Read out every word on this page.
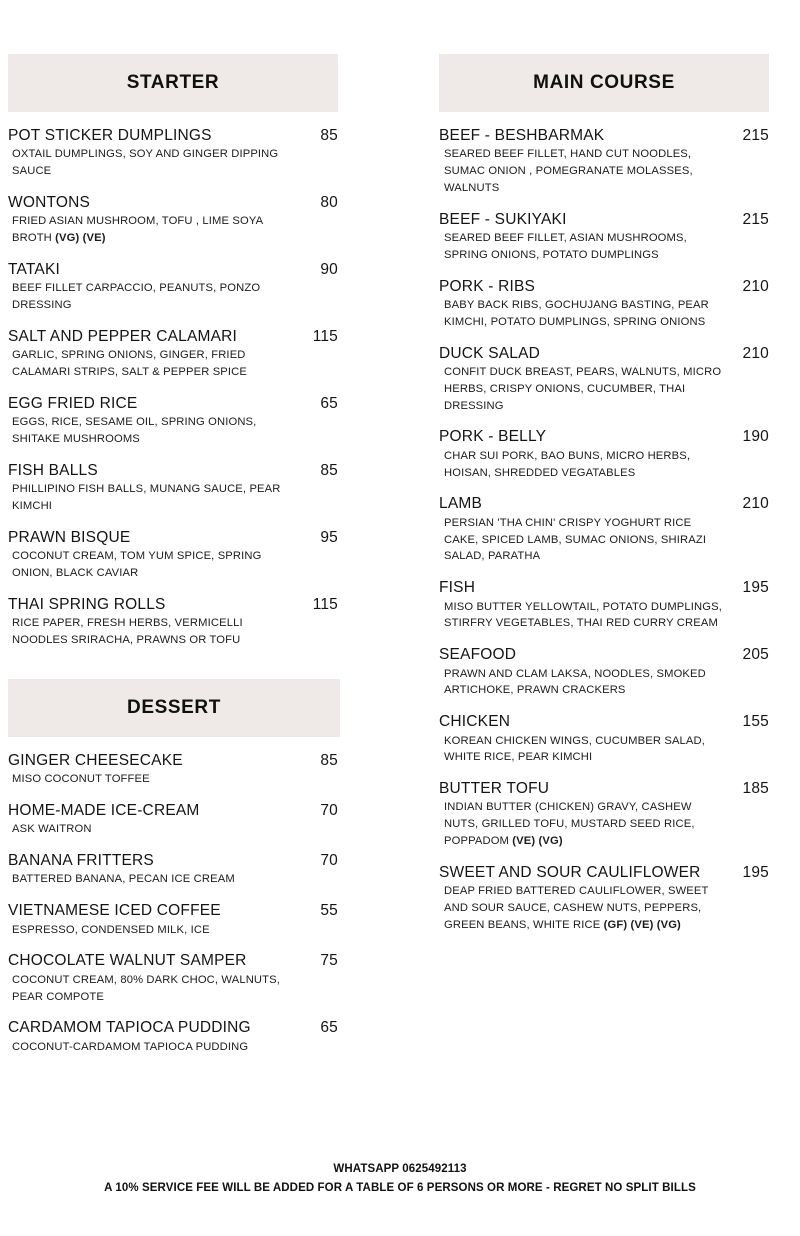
STARTER
POT STICKER DUMPLINGS
OXTAIL DUMPLINGS, SOY AND GINGER DIPPING SAUCE
85
WONTONS
FRIED ASIAN MUSHROOM, TOFU , LIME SOYA BROTH (VG) (VE)
80
TATAKI
BEEF FILLET CARPACCIO, PEANUTS, PONZO DRESSING
90
SALT AND PEPPER CALAMARI
GARLIC, SPRING ONIONS, GINGER, FRIED CALAMARI STRIPS, SALT & PEPPER SPICE
115
EGG FRIED RICE
EGGS, RICE, SESAME OIL, SPRING ONIONS, SHITAKE MUSHROOMS
65
FISH BALLS
PHILLIPINO FISH BALLS, MUNANG SAUCE, PEAR KIMCHI
85
PRAWN BISQUE
COCONUT CREAM, TOM YUM SPICE, SPRING ONION, BLACK CAVIAR
95
THAI SPRING ROLLS
RICE PAPER, FRESH HERBS, VERMICELLI NOODLES SRIRACHA, PRAWNS OR TOFU
115
DESSERT
GINGER CHEESECAKE
MISO COCONUT TOFFEE
85
HOME-MADE ICE-CREAM
ASK WAITRON
70
BANANA FRITTERS
BATTERED BANANA, PECAN ICE CREAM
70
VIETNAMESE ICED COFFEE
ESPRESSO, CONDENSED MILK, ICE
55
CHOCOLATE WALNUT SAMPER
COCONUT CREAM, 80% DARK CHOC, WALNUTS, PEAR COMPOTE
75
CARDAMOM TAPIOCA PUDDING
COCONUT-CARDAMOM TAPIOCA PUDDING
65
MAIN COURSE
BEEF - BESHBARMAK
SEARED BEEF FILLET, HAND CUT NOODLES, SUMAC ONION , POMEGRANATE MOLASSES, WALNUTS
215
BEEF - SUKIYAKI
SEARED BEEF FILLET, ASIAN MUSHROOMS, SPRING ONIONS, POTATO DUMPLINGS
215
PORK - RIBS
BABY BACK RIBS, GOCHUJANG BASTING, PEAR KIMCHI, POTATO DUMPLINGS, SPRING ONIONS
210
DUCK SALAD
CONFIT DUCK BREAST, PEARS, WALNUTS, MICRO HERBS, CRISPY ONIONS, CUCUMBER, THAI DRESSING
210
PORK - BELLY
CHAR SUI PORK, BAO BUNS, MICRO HERBS, HOISAN, SHREDDED VEGATABLES
190
LAMB
PERSIAN 'THA CHIN' CRISPY YOGHURT RICE CAKE, SPICED LAMB, SUMAC ONIONS, SHIRAZI SALAD, PARATHA
210
FISH
MISO BUTTER YELLOWTAIL, POTATO DUMPLINGS, STIRFRY VEGETABLES, THAI RED CURRY CREAM
195
SEAFOOD
PRAWN AND CLAM LAKSA, NOODLES, SMOKED ARTICHOKE, PRAWN CRACKERS
205
CHICKEN
KOREAN CHICKEN WINGS, CUCUMBER SALAD, WHITE RICE, PEAR KIMCHI
155
BUTTER TOFU
INDIAN BUTTER (CHICKEN) GRAVY, CASHEW NUTS, GRILLED TOFU, MUSTARD SEED RICE, POPPADOM (VE) (VG)
185
SWEET AND SOUR CAULIFLOWER
DEAP FRIED BATTERED CAULIFLOWER, SWEET AND SOUR SAUCE, CASHEW NUTS, PEPPERS, GREEN BEANS, WHITE RICE (GF) (VE) (VG)
195
WHATSAPP 0625492113
A 10% SERVICE FEE WILL BE ADDED FOR A TABLE OF 6 PERSONS OR MORE - REGRET NO SPLIT BILLS
